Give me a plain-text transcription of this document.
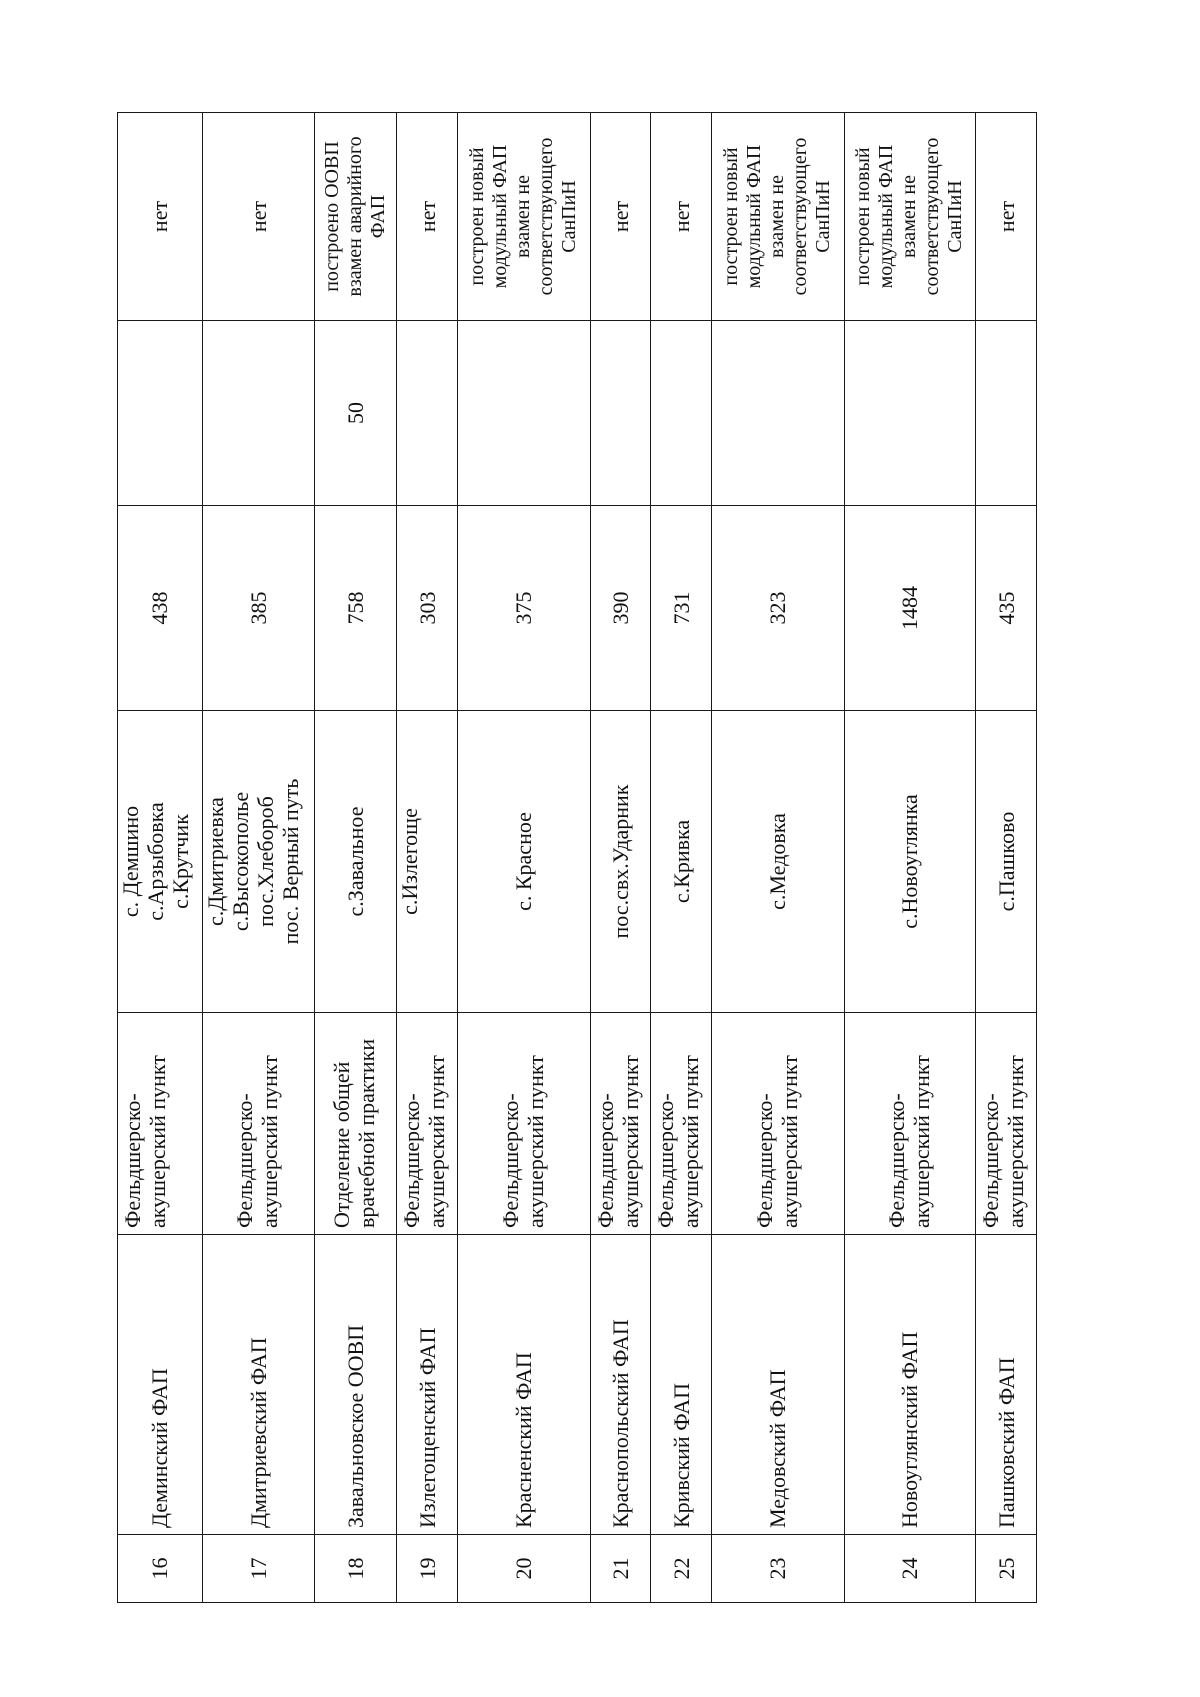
16	Деминский ФАП	Фельдшерско-акушерский пункт	с. Демшино
с.Арзыбовка
с.Крутчик	438		нет
17	Дмитриевский ФАП	Фельдшерско-акушерский пункт	с.Дмитриевка
с.Высокополье
пос.Хлебороб
пос. Верный путь	385		нет
18	Завальновское ООВП	Отделение общей врачебной практики	с.Завальное	758	50	построено ООВП взамен аварийного ФАП
19	Излегощенский ФАП	Фельдшерско-акушерский пункт	с.Излегоще	303		нет
20	Красненский ФАП	Фельдшерско-акушерский пункт	с. Красное	375		построен новый модульный ФАП взамен не соответствующего СанПиН
21	Краснопольский ФАП	Фельдшерско-акушерский пункт	пос.свх.Ударник	390		нет
22	Кривский ФАП	Фельдшерско-акушерский пункт	с.Кривка	731		нет
23	Медовский ФАП	Фельдшерско-акушерский пункт	с.Медовка	323		построен новый модульный ФАП взамен не соответствующего СанПиН
24	Новоуглянский ФАП	Фельдшерско-акушерский пункт	с.Новоуглянка	1484		построен новый модульный ФАП взамен не соответствующего СанПиН
25	Пашковский ФАП	Фельдшерско-акушерский пункт	с.Пашково	435		нет
